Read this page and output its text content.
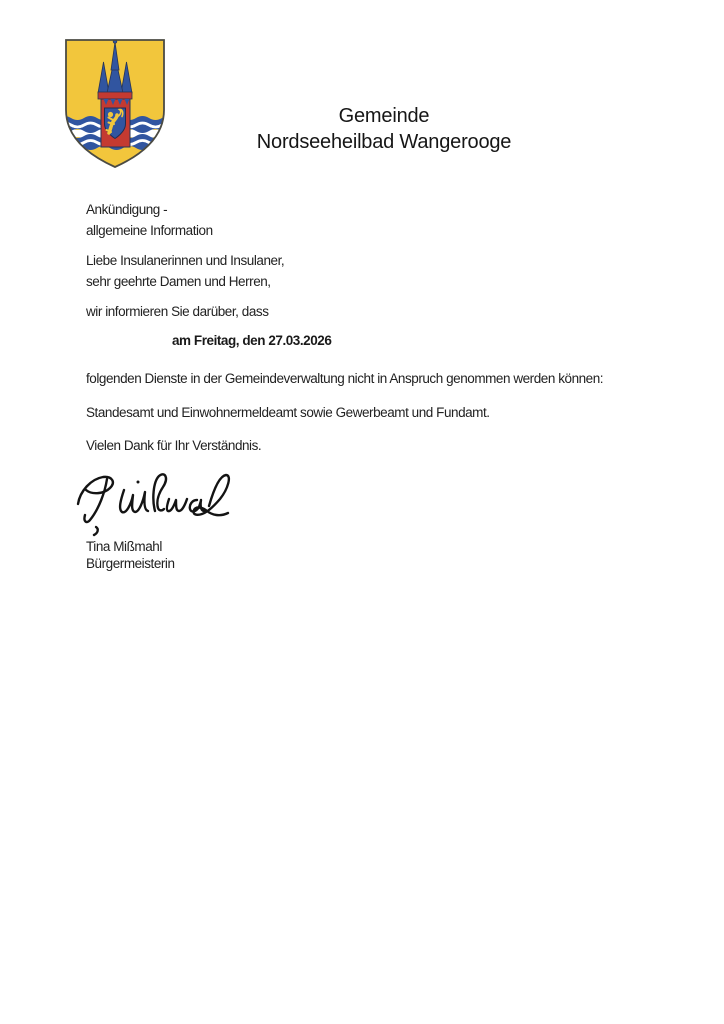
Gemeinde
Nordseeheilbad Wangerooge
Ankündigung -
allgemeine Information
Liebe Insulanerinnen und Insulaner,
sehr geehrte Damen und Herren,
wir informieren Sie darüber, dass
am Freitag, den 27.03.2026
folgenden Dienste in der Gemeindeverwaltung nicht in Anspruch genommen werden können:
Standesamt und Einwohnermeldeamt sowie Gewerbeamt und Fundamt.
Vielen Dank für Ihr Verständnis.
Tina Mißmahl
Bürgermeisterin
